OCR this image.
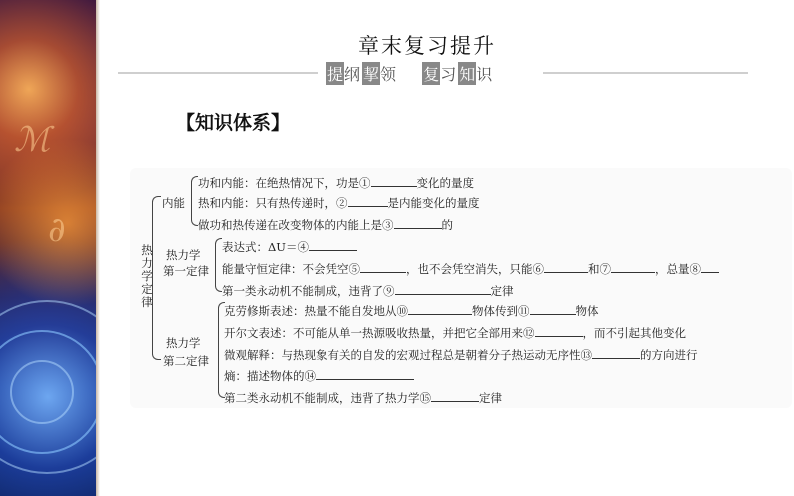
ℳ
∂
章末复习提升
提纲 挈领 复习 知识
【知识体系】
热力学定律
内能
功和内能：在绝热情况下，功是①	变化的量度
热和内能：只有热传递时，②	是内能变化的量度
做功和热传递在改变物体的内能上是③	的
热力学
第一定律
表达式：ΔU＝④
能量守恒定律：不会凭空⑤	，也不会凭空消失，只能⑥	和⑦	，总量⑧
第一类永动机不能制成，违背了⑨	定律
热力学
第二定律
克劳修斯表述：热量不能自发地从⑩	物体传到⑪	物体
开尔文表述：不可能从单一热源吸收热量，并把它全部用来⑫	，而不引起其他变化
微观解释：与热现象有关的自发的宏观过程总是朝着分子热运动无序性⑬	的方向进行
熵：描述物体的⑭
第二类永动机不能制成，违背了热力学⑮	定律
